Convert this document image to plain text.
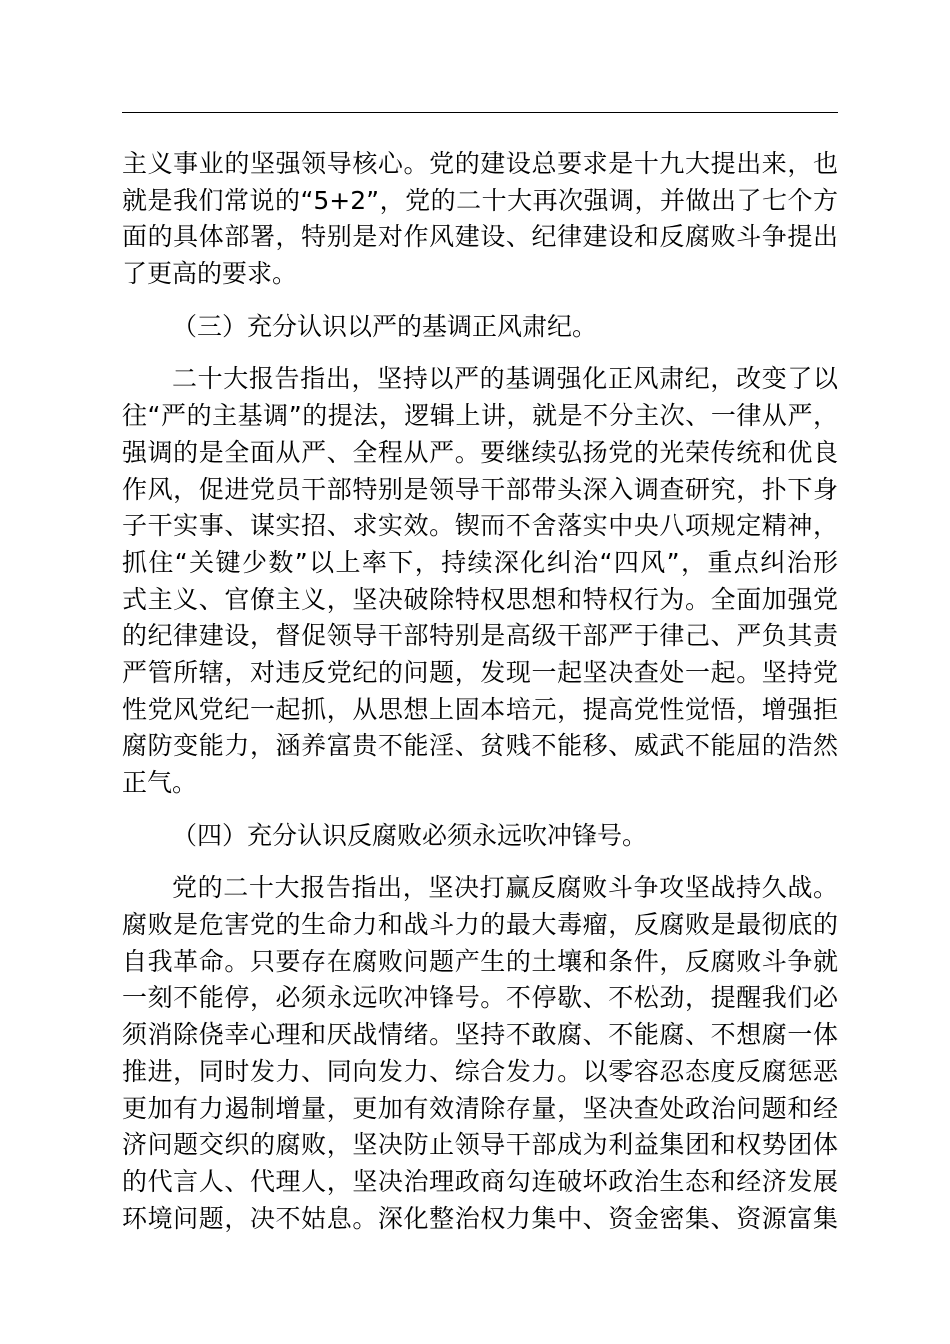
主义事业的坚强领导核心。党的建设总要求是十九大提出来，也
就是我们常说的“5+2”，党的二十大再次强调，并做出了七个方
面的具体部署，特别是对作风建设、纪律建设和反腐败斗争提出
了更高的要求。
（三）充分认识以严的基调正风肃纪。
二十大报告指出，坚持以严的基调强化正风肃纪，改变了以
往“严的主基调”的提法，逻辑上讲，就是不分主次、一律从严，
强调的是全面从严、全程从严。要继续弘扬党的光荣传统和优良
作风，促进党员干部特别是领导干部带头深入调查研究，扑下身
子干实事、谋实招、求实效。锲而不舍落实中央八项规定精神，
抓住“关键少数”以上率下，持续深化纠治“四风”，重点纠治形
式主义、官僚主义，坚决破除特权思想和特权行为。全面加强党
的纪律建设，督促领导干部特别是高级干部严于律己、严负其责
严管所辖，对违反党纪的问题，发现一起坚决查处一起。坚持党
性党风党纪一起抓，从思想上固本培元，提高党性觉悟，增强拒
腐防变能力，涵养富贵不能淫、贫贱不能移、威武不能屈的浩然
正气。
（四）充分认识反腐败必须永远吹冲锋号。
党的二十大报告指出，坚决打赢反腐败斗争攻坚战持久战。
腐败是危害党的生命力和战斗力的最大毒瘤，反腐败是最彻底的
自我革命。只要存在腐败问题产生的土壤和条件，反腐败斗争就
一刻不能停，必须永远吹冲锋号。不停歇、不松劲，提醒我们必
须消除侥幸心理和厌战情绪。坚持不敢腐、不能腐、不想腐一体
推进，同时发力、同向发力、综合发力。以零容忍态度反腐惩恶
更加有力遏制增量，更加有效清除存量，坚决查处政治问题和经
济问题交织的腐败，坚决防止领导干部成为利益集团和权势团体
的代言人、代理人，坚决治理政商勾连破坏政治生态和经济发展
环境问题，决不姑息。深化整治权力集中、资金密集、资源富集
